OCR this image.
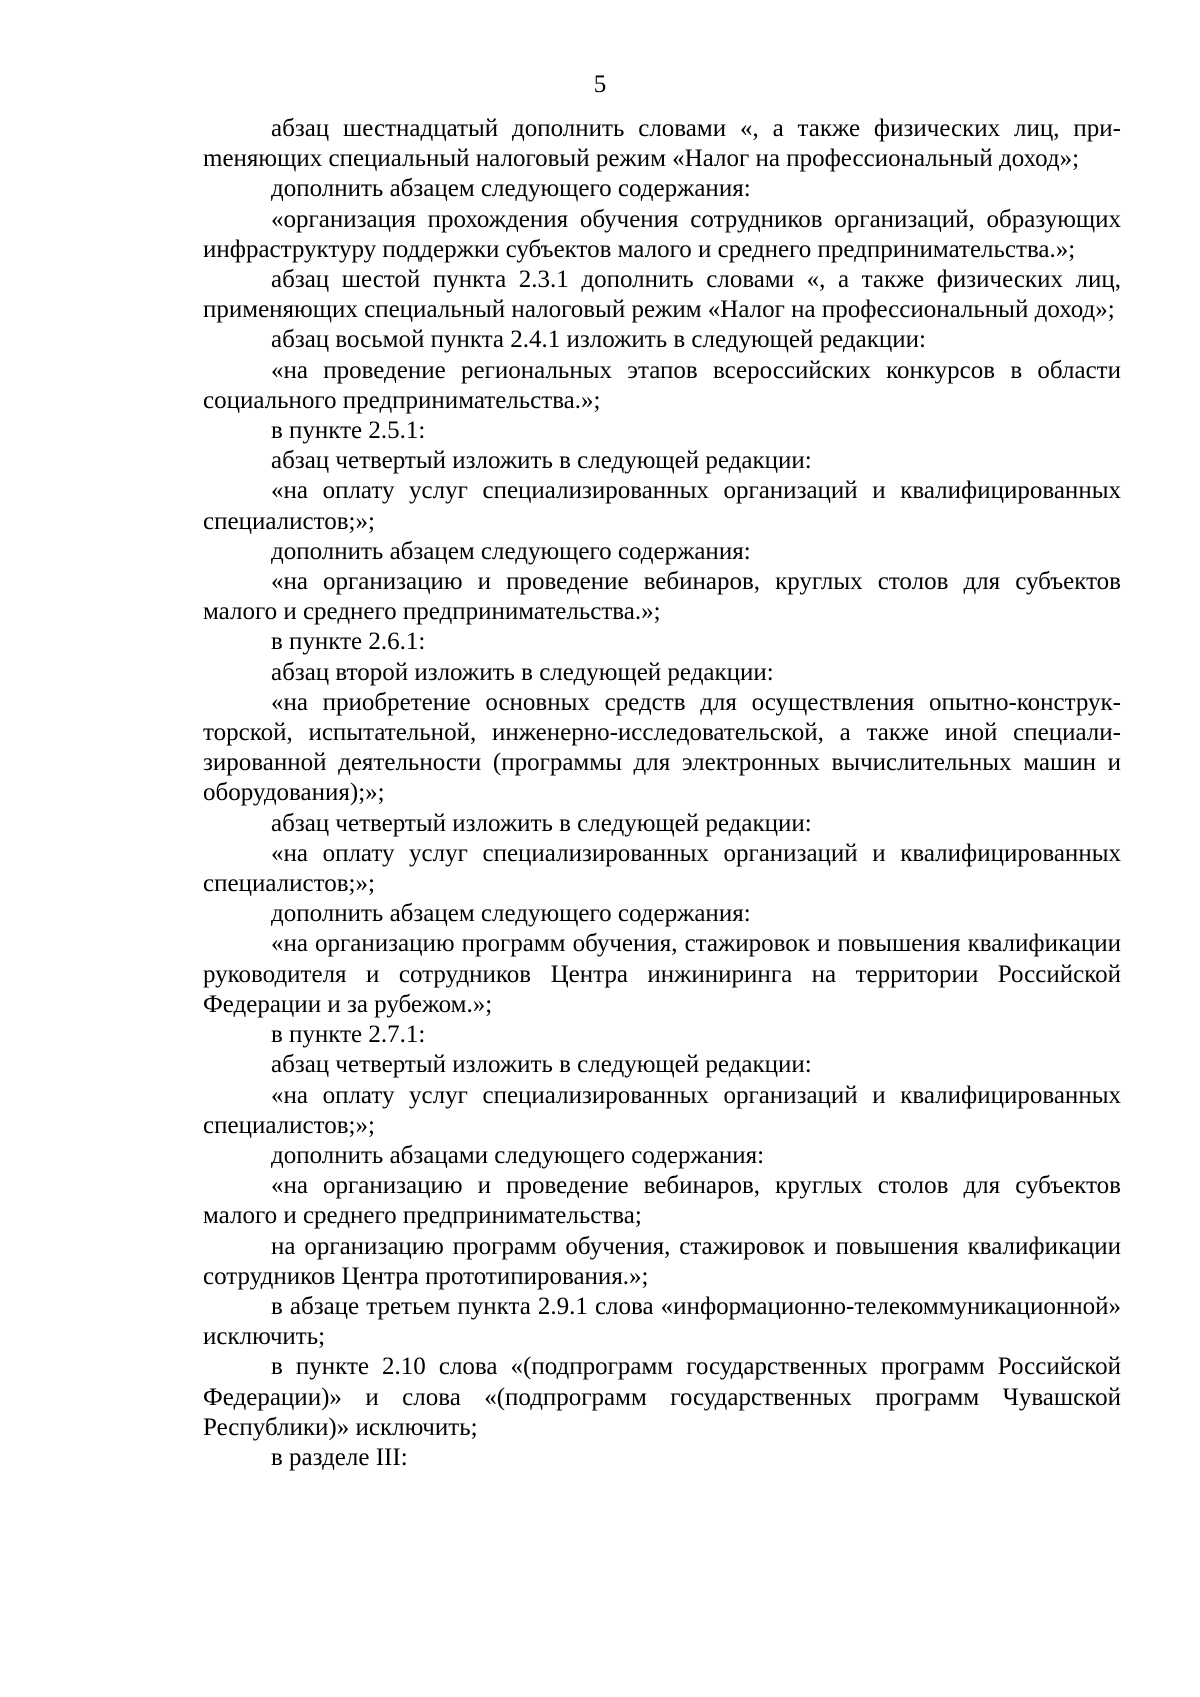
5

абзац шестнадцатый дополнить словами «, а также физических лиц, приmеняющих специальный налоговый режим «Налог на профессиональный доход»;

дополнить абзацем следующего содержания:

«организация прохождения обучения сотрудников организаций, образующих инфраструктуру поддержки субъектов малого и среднего предпринимательства.»;

абзац шестой пункта 2.3.1 дополнить словами «, а также физических лиц, применяющих специальный налоговый режим «Налог на профессиональный доход»;

абзац восьмой пункта 2.4.1 изложить в следующей редакции:

«на проведение региональных этапов всероссийских конкурсов в области социального предпринимательства.»;

в пункте 2.5.1:

абзац четвертый изложить в следующей редакции:

«на оплату услуг специализированных организаций и квалифицированных специалистов;»;

дополнить абзацем следующего содержания:

«на организацию и проведение вебинаров, круглых столов для субъектов малого и среднего предпринимательства.»;

в пункте 2.6.1:

абзац второй изложить в следующей редакции:

«на приобретение основных средств для осуществления опытно-конструкторской, испытательной, инженерно-исследовательской, а также иной специализированной деятельности (программы для электронных вычислительных машин и оборудования);»;

абзац четвертый изложить в следующей редакции:

«на оплату услуг специализированных организаций и квалифицированных специалистов;»;

дополнить абзацем следующего содержания:

«на организацию программ обучения, стажировок и повышения квалификации руководителя и сотрудников Центра инжиниринга на территории Российской Федерации и за рубежом.»;

в пункте 2.7.1:

абзац четвертый изложить в следующей редакции:

«на оплату услуг специализированных организаций и квалифицированных специалистов;»;

дополнить абзацами следующего содержания:

«на организацию и проведение вебинаров, круглых столов для субъектов малого и среднего предпринимательства;

на организацию программ обучения, стажировок и повышения квалификации сотрудников Центра прототипирования.»;

в абзаце третьем пункта 2.9.1 слова «информационно-телекоммуникационной» исключить;

в пункте 2.10 слова «(подпрограмм государственных программ Российской Федерации)» и слова «(подпрограмм государственных программ Чувашской Республики)» исключить;

в разделе III:
